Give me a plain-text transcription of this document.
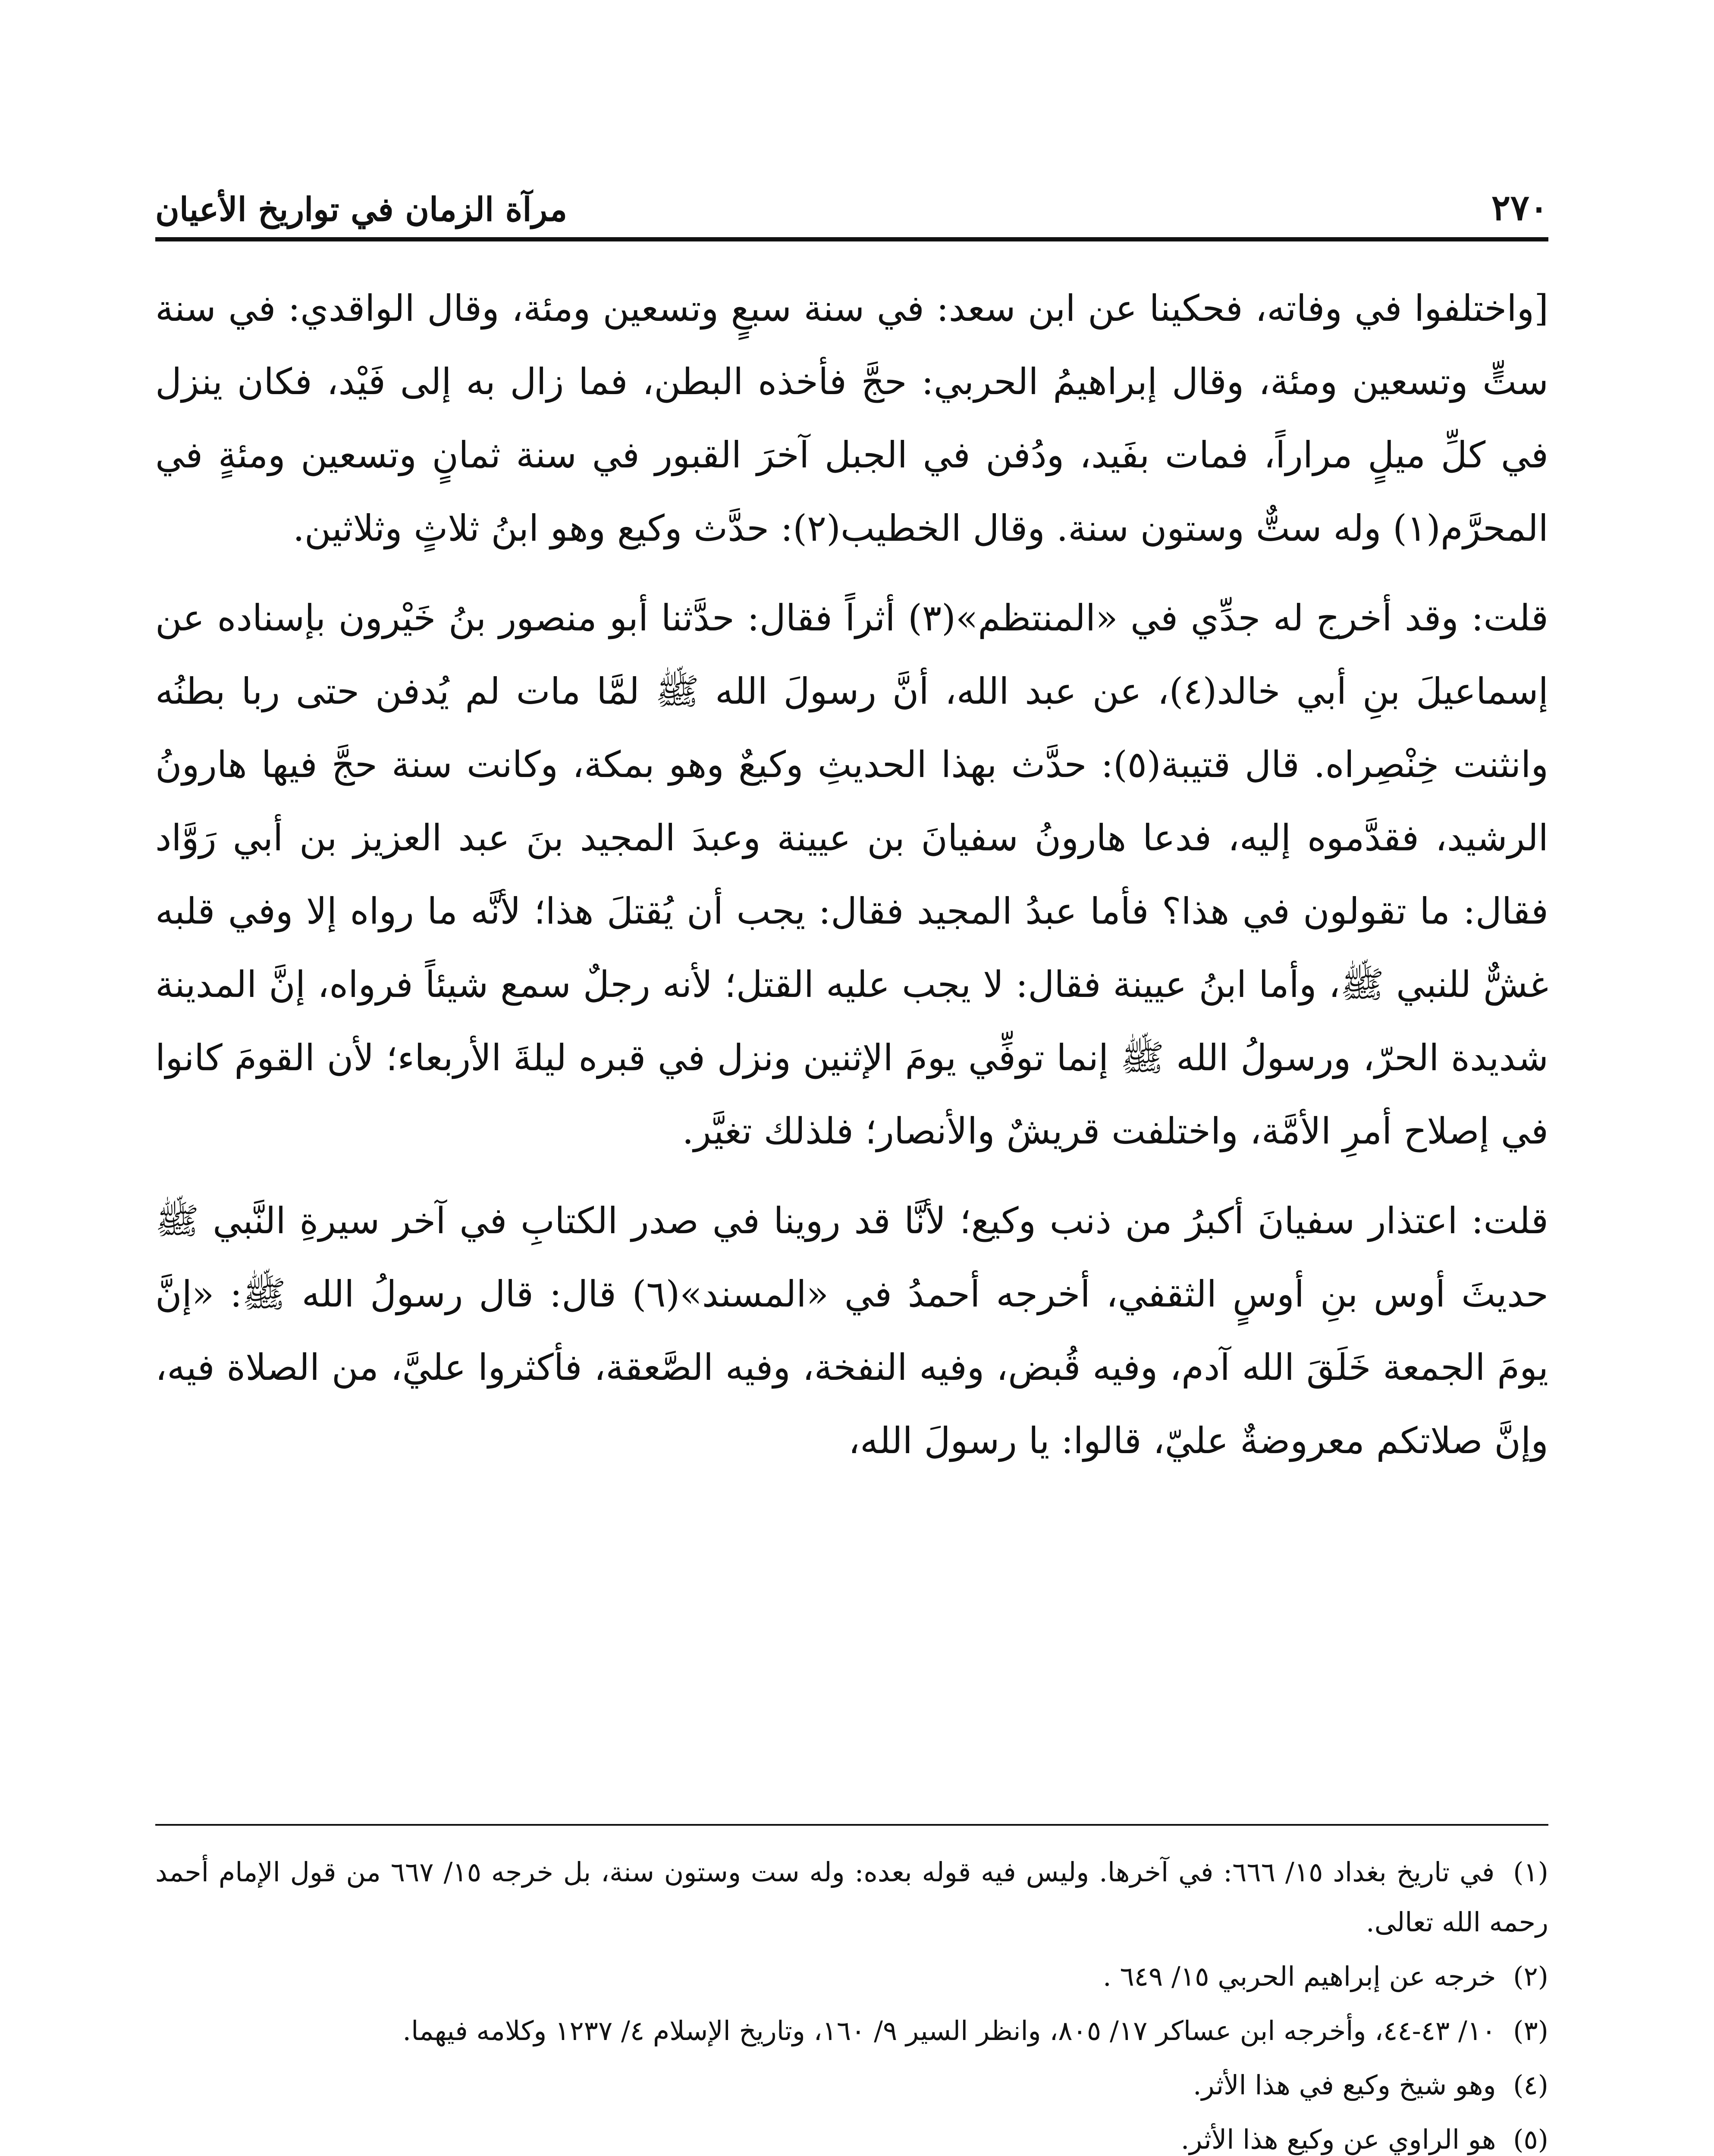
٢٧٠
مرآة الزمان في تواريخ الأعيان

[واختلفوا في وفاته، فحكينا عن ابن سعد: في سنة سبعٍ وتسعين ومئة، وقال الواقدي: في سنة ستٍّ وتسعين ومئة، وقال إبراهيمُ الحربي: حجَّ فأخذه البطن، فما زال به إلى فَيْد، فكان ينزل في كلِّ ميلٍ مراراً، فمات بفَيد، ودُفن في الجبل آخرَ القبور في سنة ثمانٍ وتسعين ومئةٍ في المحرَّم(١) وله ستٌّ وستون سنة. وقال الخطيب(٢): حدَّث وكيع وهو ابنُ ثلاثٍ وثلاثين.

قلت: وقد أخرج له جدِّي في «المنتظم»(٣) أثراً فقال: حدَّثنا أبو منصور بنُ خَيْرون بإسناده عن إسماعيلَ بنِ أبي خالد(٤)، عن عبد الله، أنَّ رسولَ الله ﷺ لمَّا مات لم يُدفن حتى ربا بطنُه وانثنت خِنْصِراه. قال قتيبة(٥): حدَّث بهذا الحديثِ وكيعٌ وهو بمكة، وكانت سنة حجَّ فيها هارونُ الرشيد، فقدَّموه إليه، فدعا هارونُ سفيانَ بن عيينة وعبدَ المجيد بنَ عبد العزيز بن أبي رَوَّاد فقال: ما تقولون في هذا؟ فأما عبدُ المجيد فقال: يجب أن يُقتلَ هذا؛ لأنَّه ما رواه إلا وفي قلبه غشٌّ للنبي ﷺ، وأما ابنُ عيينة فقال: لا يجب عليه القتل؛ لأنه رجلٌ سمع شيئاً فرواه، إنَّ المدينة شديدة الحرّ، ورسولُ الله ﷺ إنما توفِّي يومَ الإثنين ونزل في قبره ليلةَ الأربعاء؛ لأن القومَ كانوا في إصلاح أمرِ الأمَّة، واختلفت قريشٌ والأنصار؛ فلذلك تغيَّر.

قلت: اعتذار سفيانَ أكبرُ من ذنب وكيع؛ لأنَّا قد روينا في صدر الكتابِ في آخر سيرةِ النَّبي ﷺ حديثَ أوس بنِ أوسٍ الثقفي، أخرجه أحمدُ في «المسند»(٦) قال: قال رسولُ الله ﷺ: «إنَّ يومَ الجمعة خَلَقَ الله آدم، وفيه قُبض، وفيه النفخة، وفيه الصَّعقة، فأكثروا عليَّ، من الصلاة فيه، وإنَّ صلاتكم معروضةٌ عليّ، قالوا: يا رسولَ الله،

(١) في تاريخ بغداد ١٥/ ٦٦٦: في آخرها. وليس فيه قوله بعده: وله ست وستون سنة، بل خرجه ١٥/ ٦٦٧ من قول الإمام أحمد رحمه الله تعالى.
(٢) خرجه عن إبراهيم الحربي ١٥/ ٦٤٩ .
(٣) ١٠/ ٤٣-٤٤، وأخرجه ابن عساكر ١٧/ ٨٠٥، وانظر السير ٩/ ١٦٠، وتاريخ الإسلام ٤/ ١٢٣٧ وكلامه فيهما.
(٤) وهو شيخ وكيع في هذا الأثر.
(٥) هو الراوي عن وكيع هذا الأثر.
